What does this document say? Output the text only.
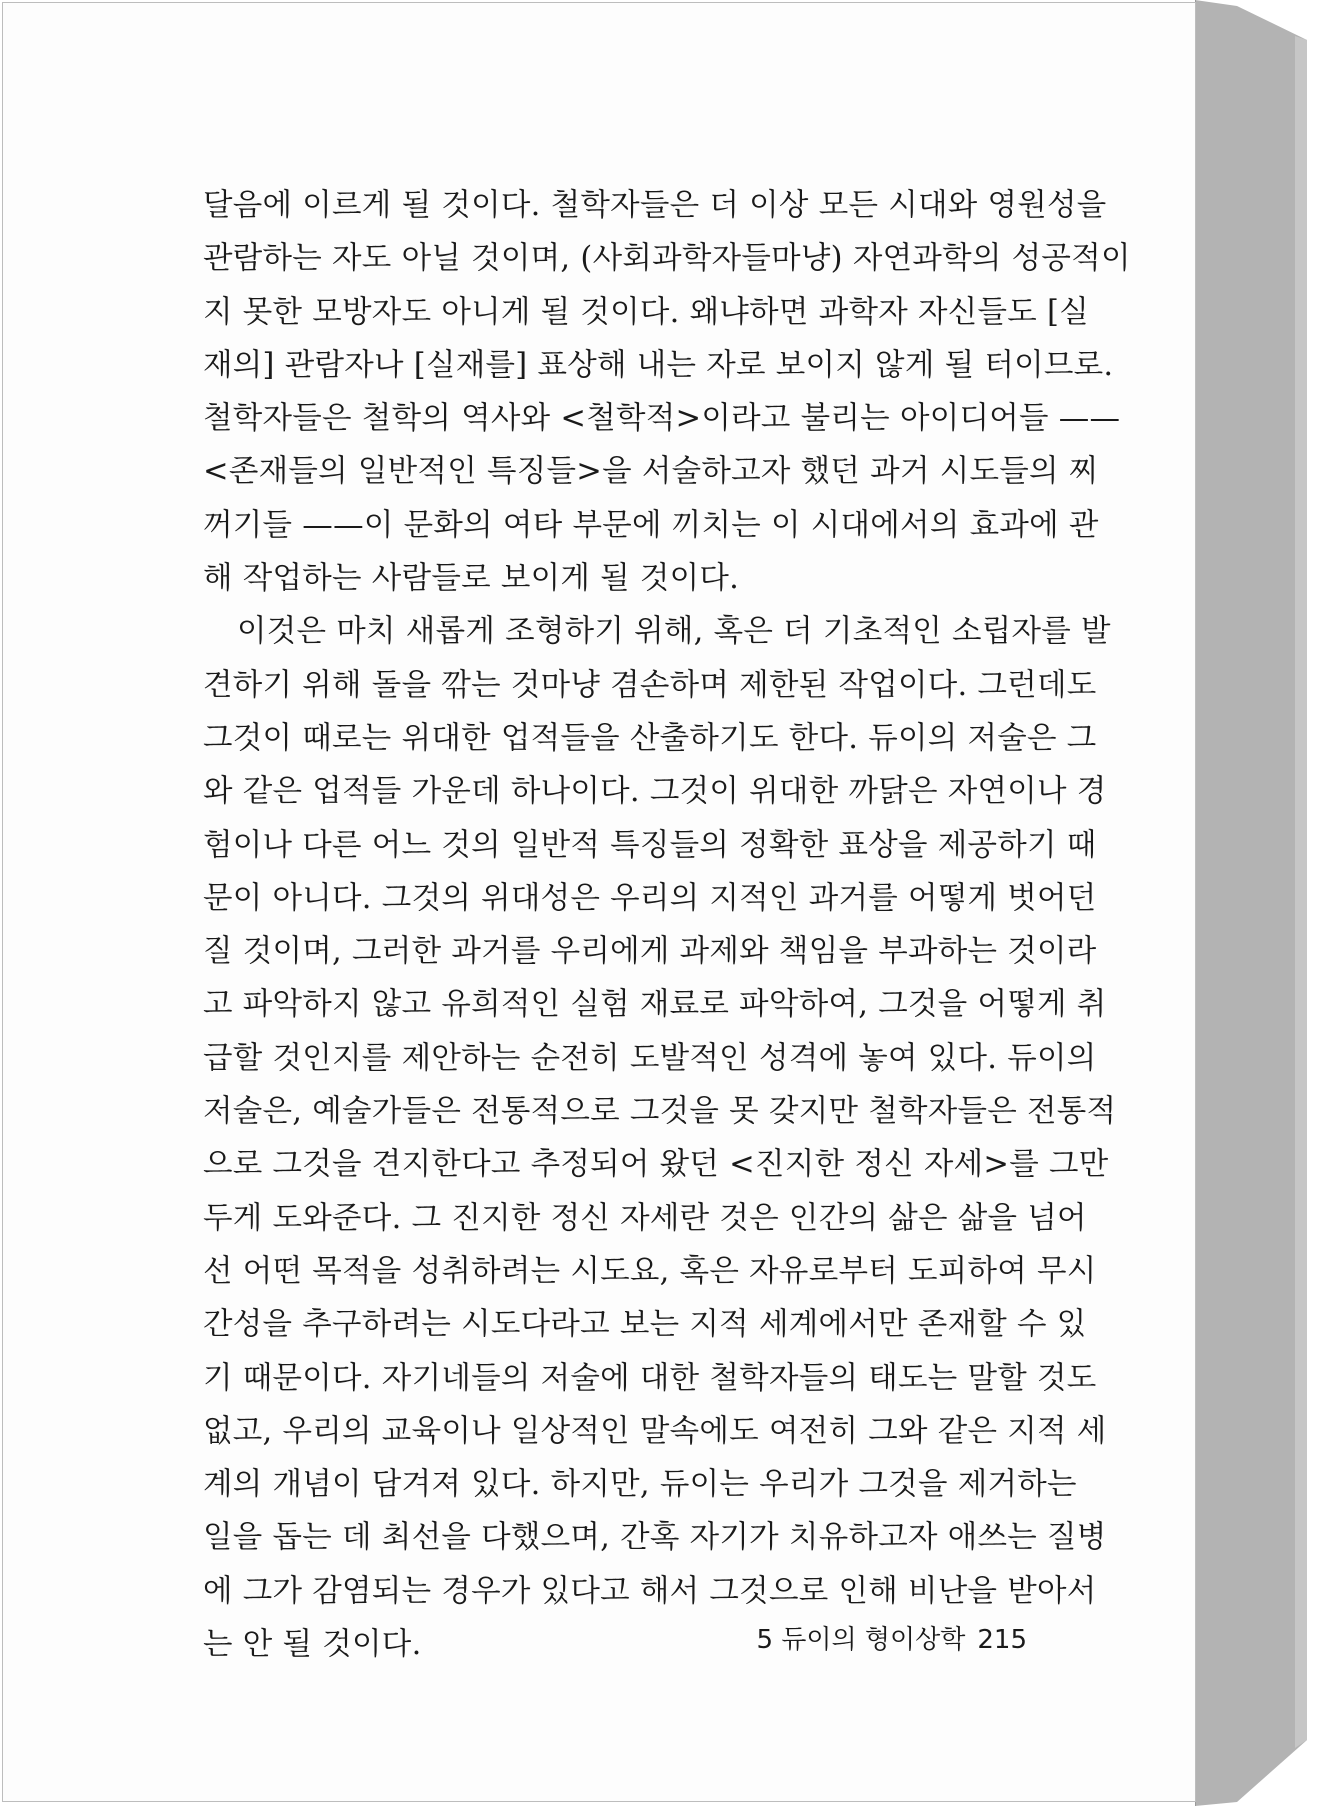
달음에 이르게 될 것이다. 철학자들은 더 이상 모든 시대와 영원성을
관람하는 자도 아닐 것이며, (사회과학자들마냥) 자연과학의 성공적이
지 못한 모방자도 아니게 될 것이다. 왜냐하면 과학자 자신들도 [실
재의] 관람자나 [실재를] 표상해 내는 자로 보이지 않게 될 터이므로.
철학자들은 철학의 역사와 <철학적>이라고 불리는 아이디어들 ——
<존재들의 일반적인 특징들>을 서술하고자 했던 과거 시도들의 찌
꺼기들 ——이 문화의 여타 부문에 끼치는 이 시대에서의 효과에 관
해 작업하는 사람들로 보이게 될 것이다.
이것은 마치 새롭게 조형하기 위해, 혹은 더 기초적인 소립자를 발
견하기 위해 돌을 깎는 것마냥 겸손하며 제한된 작업이다. 그런데도
그것이 때로는 위대한 업적들을 산출하기도 한다. 듀이의 저술은 그
와 같은 업적들 가운데 하나이다. 그것이 위대한 까닭은 자연이나 경
험이나 다른 어느 것의 일반적 특징들의 정확한 표상을 제공하기 때
문이 아니다. 그것의 위대성은 우리의 지적인 과거를 어떻게 벗어던
질 것이며, 그러한 과거를 우리에게 과제와 책임을 부과하는 것이라
고 파악하지 않고 유희적인 실험 재료로 파악하여, 그것을 어떻게 취
급할 것인지를 제안하는 순전히 도발적인 성격에 놓여 있다. 듀이의
저술은, 예술가들은 전통적으로 그것을 못 갖지만 철학자들은 전통적
으로 그것을 견지한다고 추정되어 왔던 <진지한 정신 자세>를 그만
두게 도와준다. 그 진지한 정신 자세란 것은 인간의 삶은 삶을 넘어
선 어떤 목적을 성취하려는 시도요, 혹은 자유로부터 도피하여 무시
간성을 추구하려는 시도다라고 보는 지적 세계에서만 존재할 수 있
기 때문이다. 자기네들의 저술에 대한 철학자들의 태도는 말할 것도
없고, 우리의 교육이나 일상적인 말속에도 여전히 그와 같은 지적 세
계의 개념이 담겨져 있다. 하지만, 듀이는 우리가 그것을 제거하는
일을 돕는 데 최선을 다했으며, 간혹 자기가 치유하고자 애쓰는 질병
에 그가 감염되는 경우가 있다고 해서 그것으로 인해 비난을 받아서
는 안 될 것이다.	5 듀이의 형이상학 215
